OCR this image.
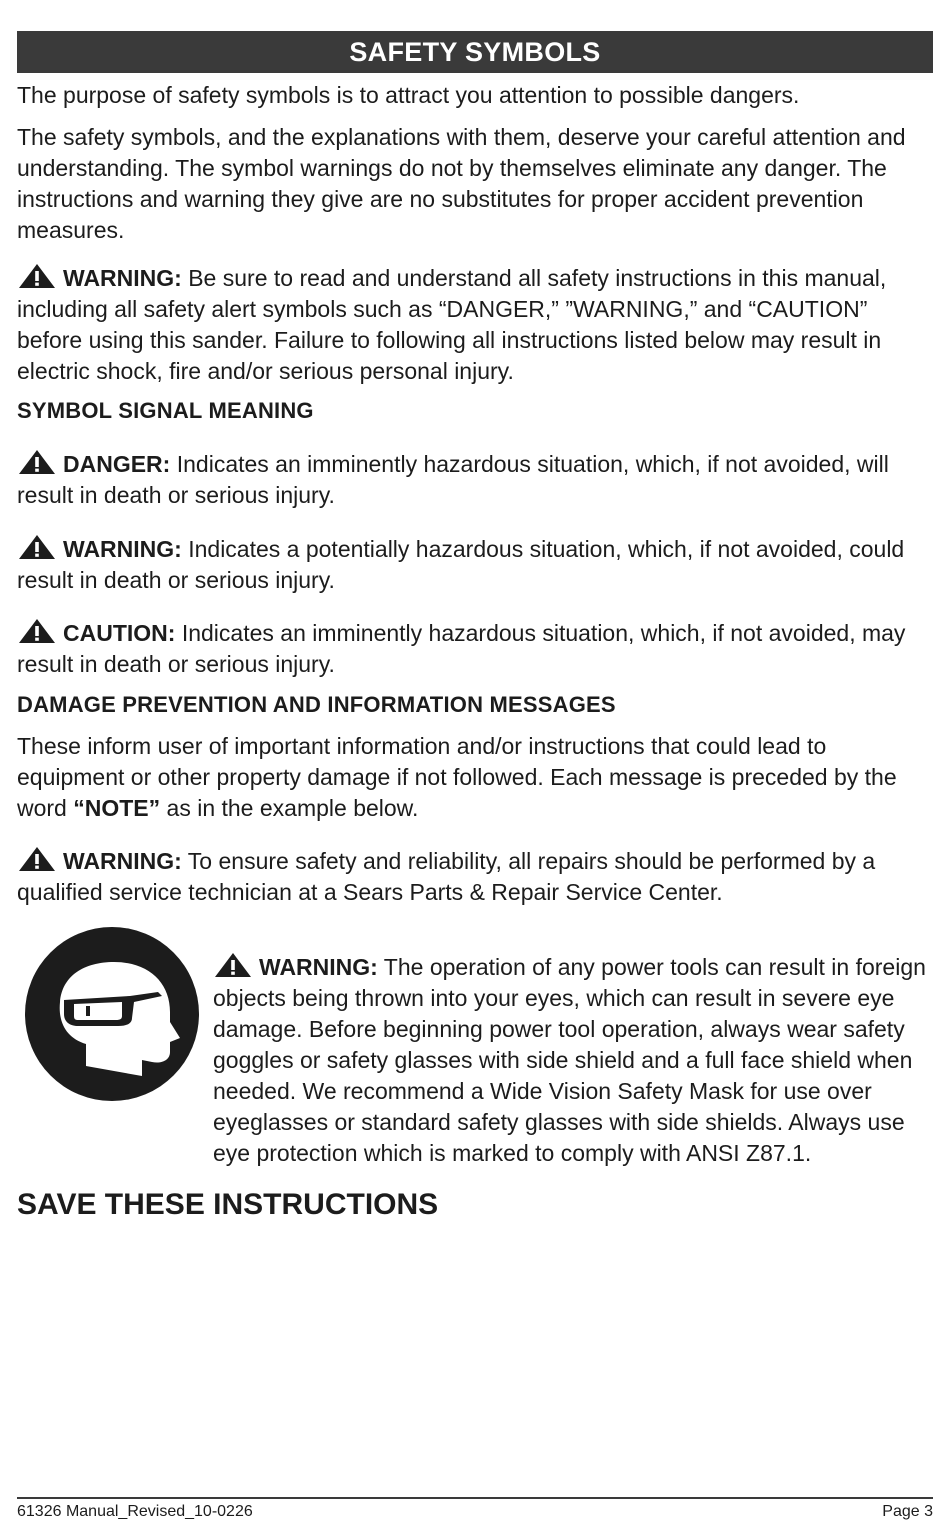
SAFETY SYMBOLS

The purpose of safety symbols is to attract you attention to possible dangers.

The safety symbols, and the explanations with them, deserve your careful attention and understanding. The symbol warnings do not by themselves eliminate any danger. The instructions and warning they give are no substitutes for proper accident prevention measures.

WARNING: Be sure to read and understand all safety instructions in this manual, including all safety alert symbols such as “DANGER,” ”WARNING,” and “CAUTION” before using this sander. Failure to following all instructions listed below may result in electric shock, fire and/or serious personal injury.

SYMBOL SIGNAL MEANING

DANGER: Indicates an imminently hazardous situation, which, if not avoided, will result in death or serious injury.

WARNING: Indicates a potentially hazardous situation, which, if not avoided, could result in death or serious injury.

CAUTION: Indicates an imminently hazardous situation, which, if not avoided, may result in death or serious injury.

DAMAGE PREVENTION AND INFORMATION MESSAGES

These inform user of important information and/or instructions that could lead to equipment or other property damage if not followed. Each message is preceded by the word “NOTE” as in the example below.

WARNING: To ensure safety and reliability, all repairs should be performed by a qualified service technician at a Sears Parts & Repair Service Center.

WARNING: The operation of any power tools can result in foreign objects being thrown into your eyes, which can result in severe eye damage. Before beginning power tool operation, always wear safety goggles or safety glasses with side shield and a full face shield when needed. We recommend a Wide Vision Safety Mask for use over eyeglasses or standard safety glasses with side shields. Always use eye protection which is marked to comply with ANSI Z87.1.

SAVE THESE INSTRUCTIONS
61326 Manual_Revised_10-0226	Page 3
